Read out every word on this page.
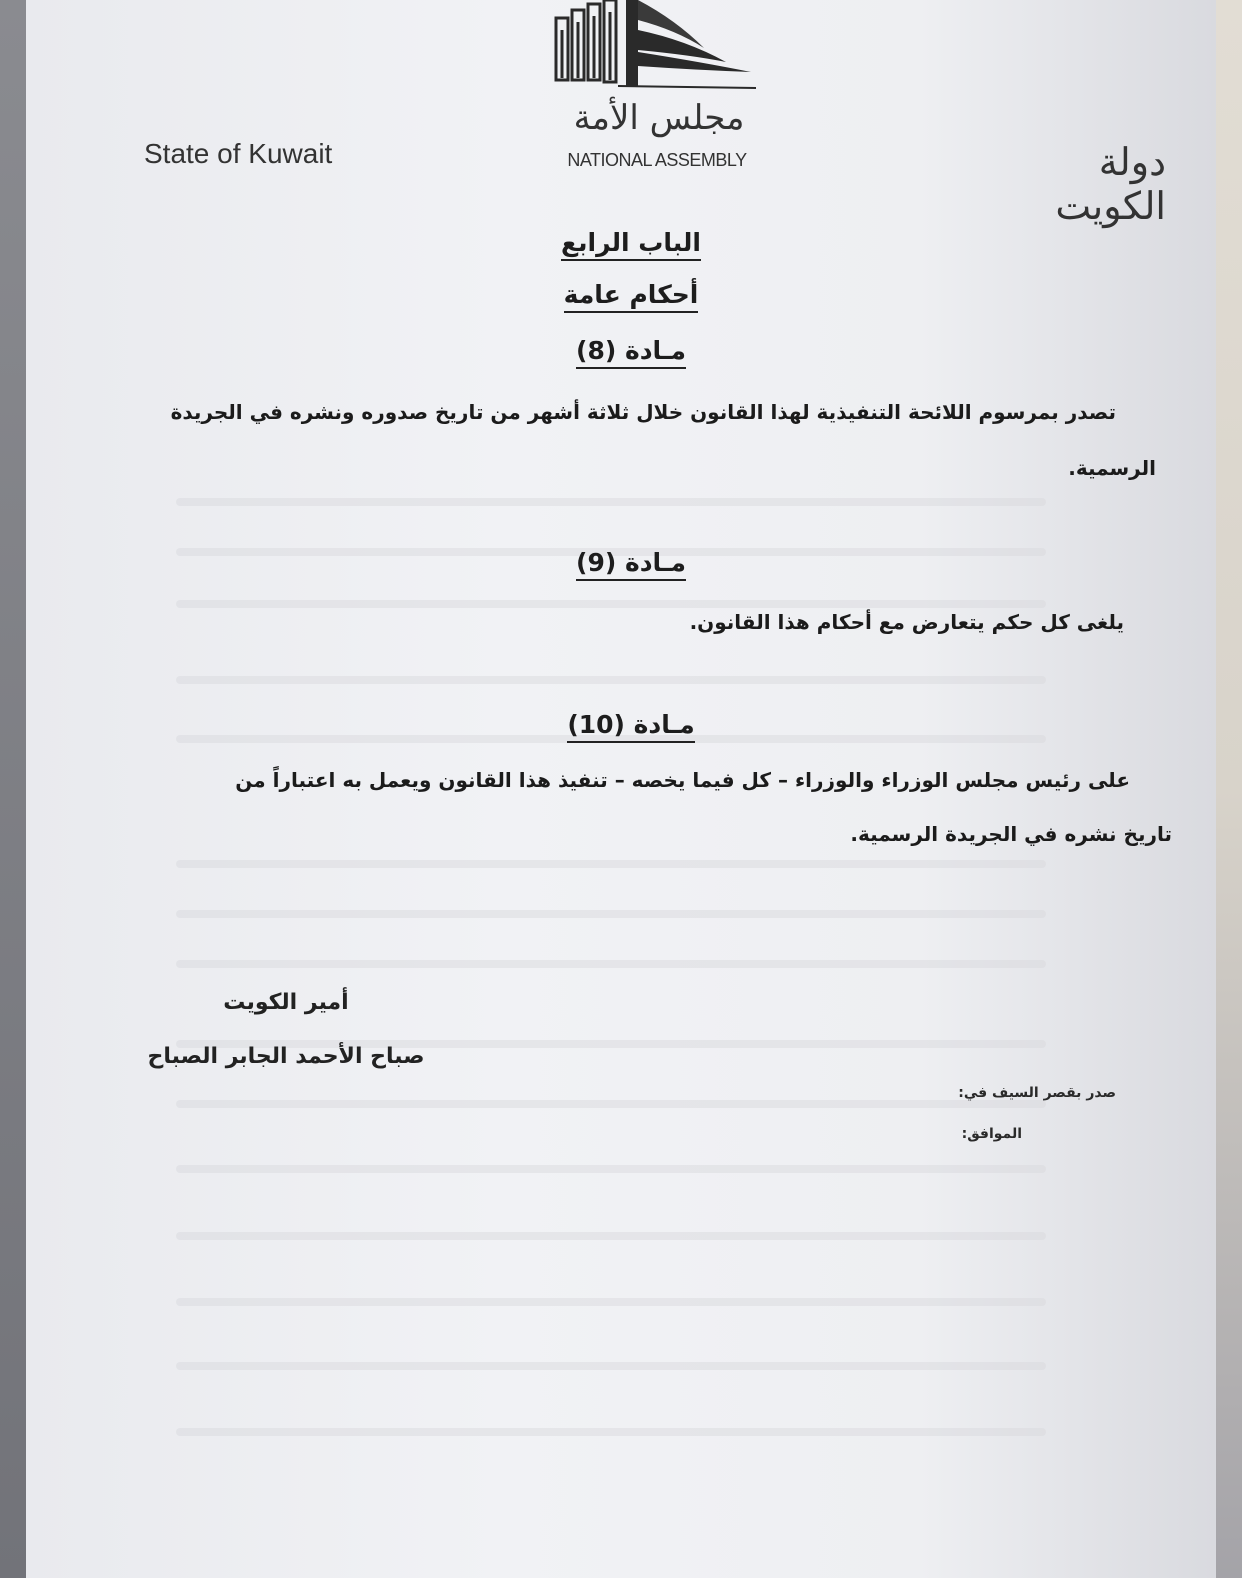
مجلس الأمة
NATIONAL ASSEMBLY
State of Kuwait	دولة الكويت
الباب الرابع
أحكام عامة
مـادة (8)
تصدر بمرسوم اللائحة التنفيذية لهذا القانون خلال ثلاثة أشهر من تاريخ صدوره ونشره في الجريدة
الرسمية.
مـادة (9)
يلغى كل حكم يتعارض مع أحكام هذا القانون.
مـادة (10)
على رئيس مجلس الوزراء والوزراء – كل فيما يخصه – تنفيذ هذا القانون ويعمل به اعتباراً من
تاريخ نشره في الجريدة الرسمية.
أمير الكويت
صباح الأحمد الجابر الصباح
صدر بقصر السيف في:
الموافق:
